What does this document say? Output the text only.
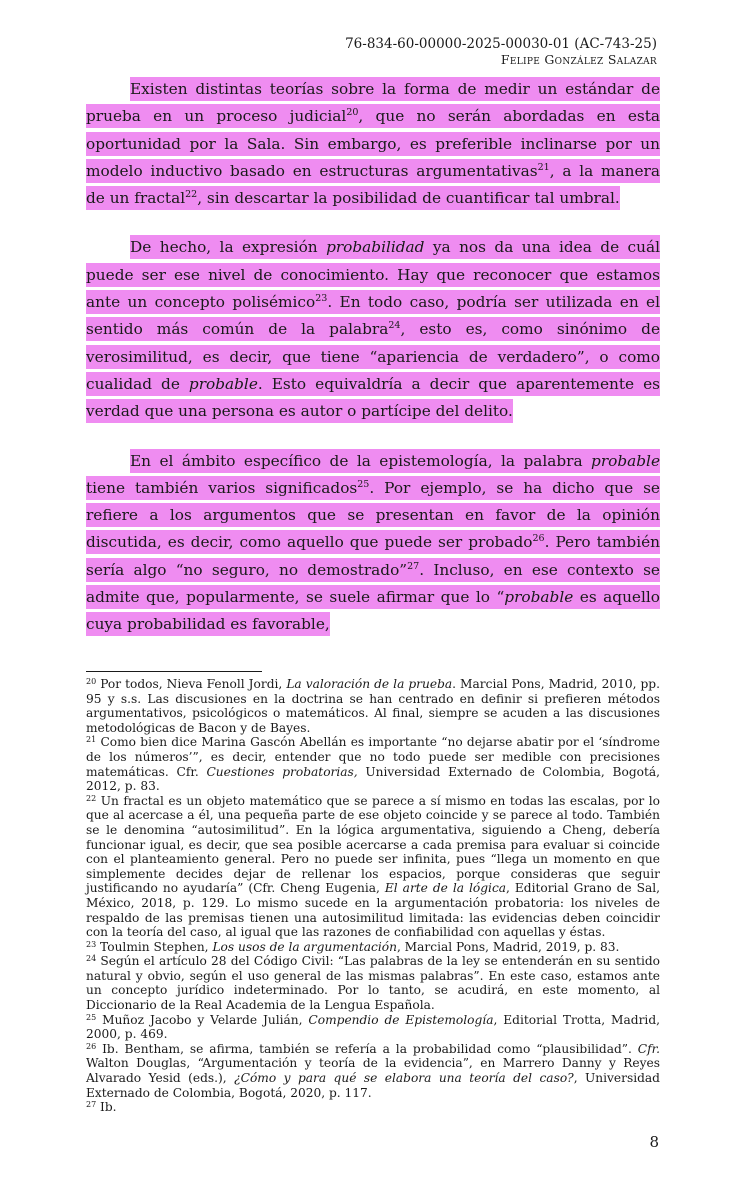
76-834-60-00000-2025-00030-01 (AC-743-25)
Felipe González Salazar

Existen distintas teorías sobre la forma de medir un estándar de prueba en un proceso judicial$^{20}$, que no serán abordadas en esta oportunidad por la Sala. Sin embargo, es preferible inclinarse por un modelo inductivo basado en estructuras argumentativas$^{21}$, a la manera de un fractal$^{22}$, sin descartar la posibilidad de cuantificar tal umbral.

De hecho, la expresión probabilidad ya nos da una idea de cuál puede ser ese nivel de conocimiento. Hay que reconocer que estamos ante un concepto polisémico$^{23}$. En todo caso, podría ser utilizada en el sentido más común de la palabra$^{24}$, esto es, como sinónimo de verosimilitud, es decir, que tiene “apariencia de verdadero”, o como cualidad de probable. Esto equivaldría a decir que aparentemente es verdad que una persona es autor o partícipe del delito.

En el ámbito específico de la epistemología, la palabra probable tiene también varios significados$^{25}$. Por ejemplo, se ha dicho que se refiere a los argumentos que se presentan en favor de la opinión discutida, es decir, como aquello que puede ser probado$^{26}$. Pero también sería algo “no seguro, no demostrado”$^{27}$. Incluso, en ese contexto se admite que, popularmente, se suele afirmar que lo “probable es aquello cuya probabilidad es favorable,

$^{20}$ Por todos, Nieva Fenoll Jordi, La valoración de la prueba. Marcial Pons, Madrid, 2010, pp. 95 y s.s. Las discusiones en la doctrina se han centrado en definir si prefieren métodos argumentativos, psicológicos o matemáticos. Al final, siempre se acuden a las discusiones metodológicas de Bacon y de Bayes.

$^{21}$ Como bien dice Marina Gascón Abellán es importante “no dejarse abatir por el ‘síndrome de los números’”, es decir, entender que no todo puede ser medible con precisiones matemáticas. Cfr. Cuestiones probatorias, Universidad Externado de Colombia, Bogotá, 2012, p. 83.

$^{22}$ Un fractal es un objeto matemático que se parece a sí mismo en todas las escalas, por lo que al acercase a él, una pequeña parte de ese objeto coincide y se parece al todo. También se le denomina “autosimilitud”. En la lógica argumentativa, siguiendo a Cheng, debería funcionar igual, es decir, que sea posible acercarse a cada premisa para evaluar si coincide con el planteamiento general. Pero no puede ser infinita, pues “llega un momento en que simplemente decides dejar de rellenar los espacios, porque consideras que seguir justificando no ayudaría” (Cfr. Cheng Eugenia, El arte de la lógica, Editorial Grano de Sal, México, 2018, p. 129. Lo mismo sucede en la argumentación probatoria: los niveles de respaldo de las premisas tienen una autosimilitud limitada: las evidencias deben coincidir con la teoría del caso, al igual que las razones de confiabilidad con aquellas y éstas.

$^{23}$ Toulmin Stephen, Los usos de la argumentación, Marcial Pons, Madrid, 2019, p. 83.

$^{24}$ Según el artículo 28 del Código Civil: “Las palabras de la ley se entenderán en su sentido natural y obvio, según el uso general de las mismas palabras”. En este caso, estamos ante un concepto jurídico indeterminado. Por lo tanto, se acudirá, en este momento, al Diccionario de la Real Academia de la Lengua Española.

$^{25}$ Muñoz Jacobo y Velarde Julián, Compendio de Epistemología, Editorial Trotta, Madrid, 2000, p. 469.

$^{26}$ Ib. Bentham, se afirma, también se refería a la probabilidad como “plausibilidad”. Cfr. Walton Douglas, “Argumentación y teoría de la evidencia”, en Marrero Danny y Reyes Alvarado Yesid (eds.), ¿Cómo y para qué se elabora una teoría del caso?, Universidad Externado de Colombia, Bogotá, 2020, p. 117.

$^{27}$ Ib.

8
